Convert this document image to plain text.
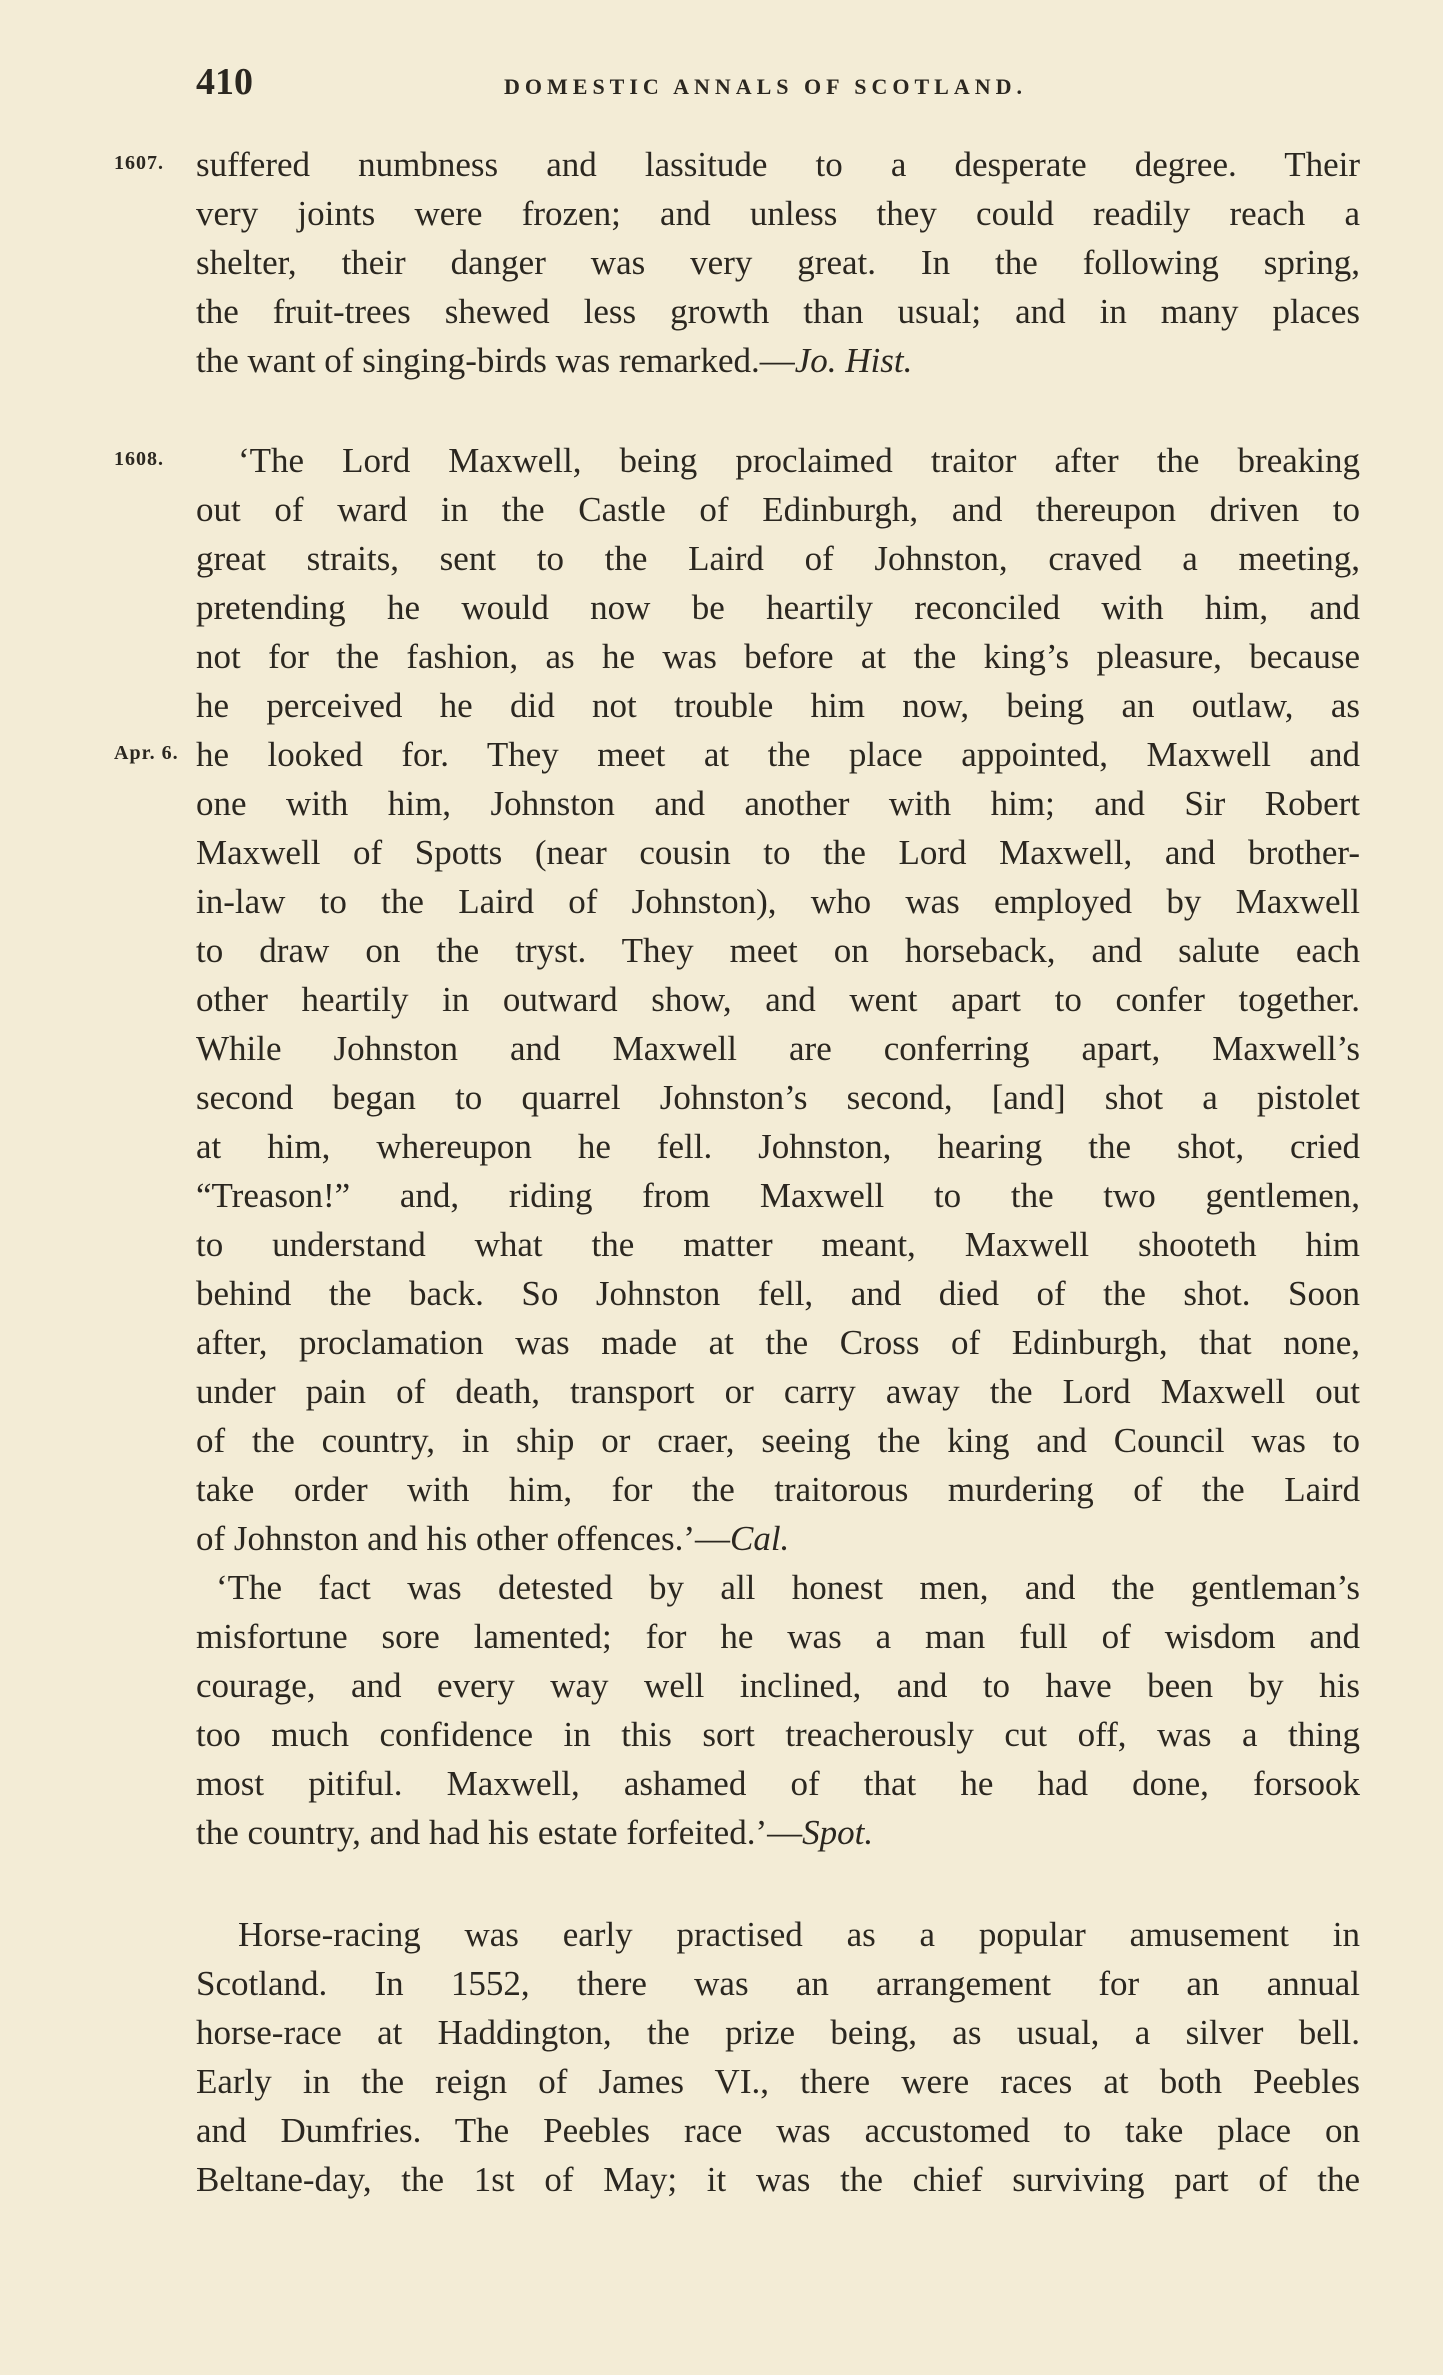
410	DOMESTIC ANNALS OF SCOTLAND.
1607.
1608.
Apr. 6.
suffered numbness and lassitude to a desperate degree. Their
very joints were frozen; and unless they could readily reach a
shelter, their danger was very great. In the following spring,
the fruit-trees shewed less growth than usual; and in many places
the want of singing-birds was remarked.—Jo. Hist.
‘The Lord Maxwell, being proclaimed traitor after the breaking
out of ward in the Castle of Edinburgh, and thereupon driven to
great straits, sent to the Laird of Johnston, craved a meeting,
pretending he would now be heartily reconciled with him, and
not for the fashion, as he was before at the king’s pleasure, because
he perceived he did not trouble him now, being an outlaw, as
he looked for. They meet at the place appointed, Maxwell and
one with him, Johnston and another with him; and Sir Robert
Maxwell of Spotts (near cousin to the Lord Maxwell, and brother-
in-law to the Laird of Johnston), who was employed by Maxwell
to draw on the tryst. They meet on horseback, and salute each
other heartily in outward show, and went apart to confer together.
While Johnston and Maxwell are conferring apart, Maxwell’s
second began to quarrel Johnston’s second, [and] shot a pistolet
at him, whereupon he fell. Johnston, hearing the shot, cried
“Treason!” and, riding from Maxwell to the two gentlemen,
to understand what the matter meant, Maxwell shooteth him
behind the back. So Johnston fell, and died of the shot. Soon
after, proclamation was made at the Cross of Edinburgh, that none,
under pain of death, transport or carry away the Lord Maxwell out
of the country, in ship or craer, seeing the king and Council was to
take order with him, for the traitorous murdering of the Laird
of Johnston and his other offences.’—Cal.
‘The fact was detested by all honest men, and the gentleman’s
misfortune sore lamented; for he was a man full of wisdom and
courage, and every way well inclined, and to have been by his
too much confidence in this sort treacherously cut off, was a thing
most pitiful. Maxwell, ashamed of that he had done, forsook
the country, and had his estate forfeited.’—Spot.
Horse-racing was early practised as a popular amusement in
Scotland. In 1552, there was an arrangement for an annual
horse-race at Haddington, the prize being, as usual, a silver bell.
Early in the reign of James VI., there were races at both Peebles
and Dumfries. The Peebles race was accustomed to take place on
Beltane-day, the 1st of May; it was the chief surviving part of the
